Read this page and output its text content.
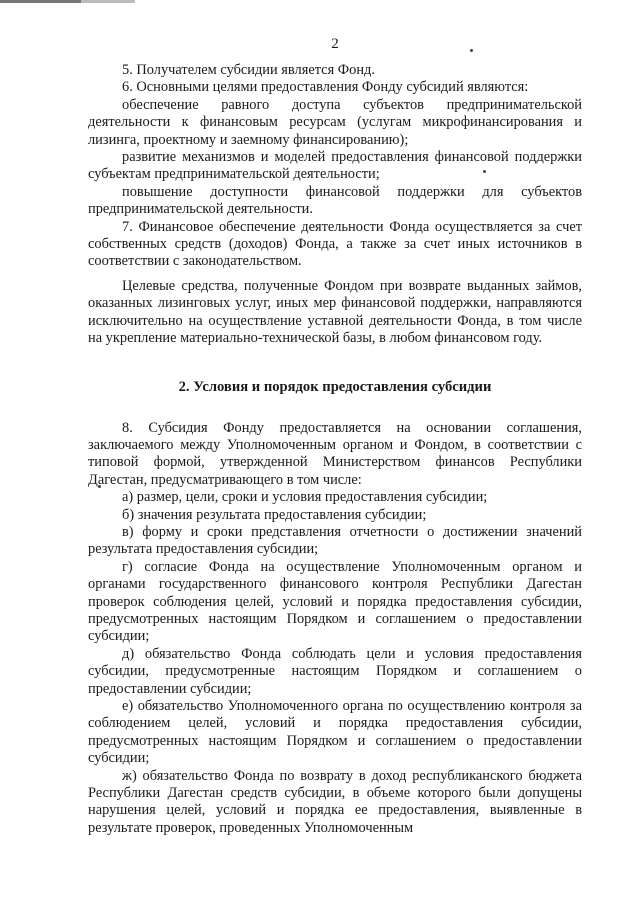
2

5. Получателем субсидии является Фонд.

6. Основными целями предоставления Фонду субсидий являются:

обеспечение равного доступа субъектов предпринимательской деятельности к финансовым ресурсам (услугам микрофинансирования и лизинга, проектному и заемному финансированию);

развитие механизмов и моделей предоставления финансовой поддержки субъектам предпринимательской деятельности;

повышение доступности финансовой поддержки для субъектов предпринимательской деятельности.

7. Финансовое обеспечение деятельности Фонда осуществляется за счет собственных средств (доходов) Фонда, а также за счет иных источников в соответствии с законодательством.

Целевые средства, полученные Фондом при возврате выданных займов, оказанных лизинговых услуг, иных мер финансовой поддержки, направляются исключительно на осуществление уставной деятельности Фонда, в том числе на укрепление материально-технической базы, в любом финансовом году.

2. Условия и порядок предоставления субсидии

8. Субсидия Фонду предоставляется на основании соглашения, заключаемого между Уполномоченным органом и Фондом, в соответствии с типовой формой, утвержденной Министерством финансов Республики Дагестан, предусматривающего в том числе:

а) размер, цели, сроки и условия предоставления субсидии;

б) значения результата предоставления субсидии;

в) форму и сроки представления отчетности о достижении значений результата предоставления субсидии;

г) согласие Фонда на осуществление Уполномоченным органом и органами государственного финансового контроля Республики Дагестан проверок соблюдения целей, условий и порядка предоставления субсидии, предусмотренных настоящим Порядком и соглашением о предоставлении субсидии;

д) обязательство Фонда соблюдать цели и условия предоставления субсидии, предусмотренные настоящим Порядком и соглашением о предоставлении субсидии;

е) обязательство Уполномоченного органа по осуществлению контроля за соблюдением целей, условий и порядка предоставления субсидии, предусмотренных настоящим Порядком и соглашением о предоставлении субсидии;

ж) обязательство Фонда по возврату в доход республиканского бюджета Республики Дагестан средств субсидии, в объеме которого были допущены нарушения целей, условий и порядка ее предоставления, выявленные в результате проверок, проведенных Уполномоченным
